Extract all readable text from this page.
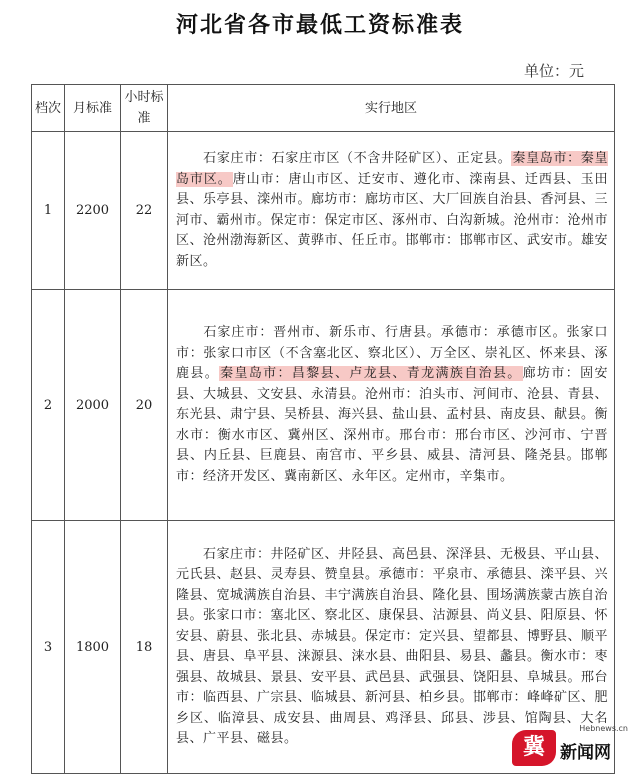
河北省各市最低工资标准表
单位：元
档次	月标准	小时标准	实行地区
1	2200	22	  石家庄市：石家庄市区（不含井陉矿区）、正定县。秦皇岛市：秦皇岛市区。唐山市：唐山市区、迁安市、遵化市、滦南县、迁西县、玉田县、乐亭县、滦州市。廊坊市：廊坊市区、大厂回族自治县、香河县、三河市、霸州市。保定市：保定市区、涿州市、白沟新城。沧州市：沧州市区、沧州渤海新区、黄骅市、任丘市。邯郸市：邯郸市区、武安市。雄安新区。
2	2000	20	  石家庄市：晋州市、新乐市、行唐县。承德市：承德市区。张家口市：张家口市区（不含塞北区、察北区）、万全区、崇礼区、怀来县、涿鹿县。秦皇岛市：昌黎县、卢龙县、青龙满族自治县。廊坊市：固安县、大城县、文安县、永清县。沧州市：泊头市、河间市、沧县、青县、东光县、肃宁县、吴桥县、海兴县、盐山县、孟村县、南皮县、献县。衡水市：衡水市区、冀州区、深州市。邢台市：邢台市区、沙河市、宁晋县、内丘县、巨鹿县、南宫市、平乡县、威县、清河县、隆尧县。邯郸市：经济开发区、冀南新区、永年区。定州市，辛集市。
3	1800	18	  石家庄市：井陉矿区、井陉县、高邑县、深泽县、无极县、平山县、元氏县、赵县、灵寿县、赞皇县。承德市：平泉市、承德县、滦平县、兴隆县、宽城满族自治县、丰宁满族自治县、隆化县、围场满族蒙古族自治县。张家口市：塞北区、察北区、康保县、沽源县、尚义县、阳原县、怀安县、蔚县、张北县、赤城县。保定市：定兴县、望都县、博野县、顺平县、唐县、阜平县、涞源县、涞水县、曲阳县、易县、蠡县。衡水市：枣强县、故城县、景县、安平县、武邑县、武强县、饶阳县、阜城县。邢台市：临西县、广宗县、临城县、新河县、柏乡县。邯郸市：峰峰矿区、肥乡区、临漳县、成安县、曲周县、鸡泽县、邱县、涉县、馆陶县、大名县、广平县、磁县。
Hebnews.cn
冀 新闻网
